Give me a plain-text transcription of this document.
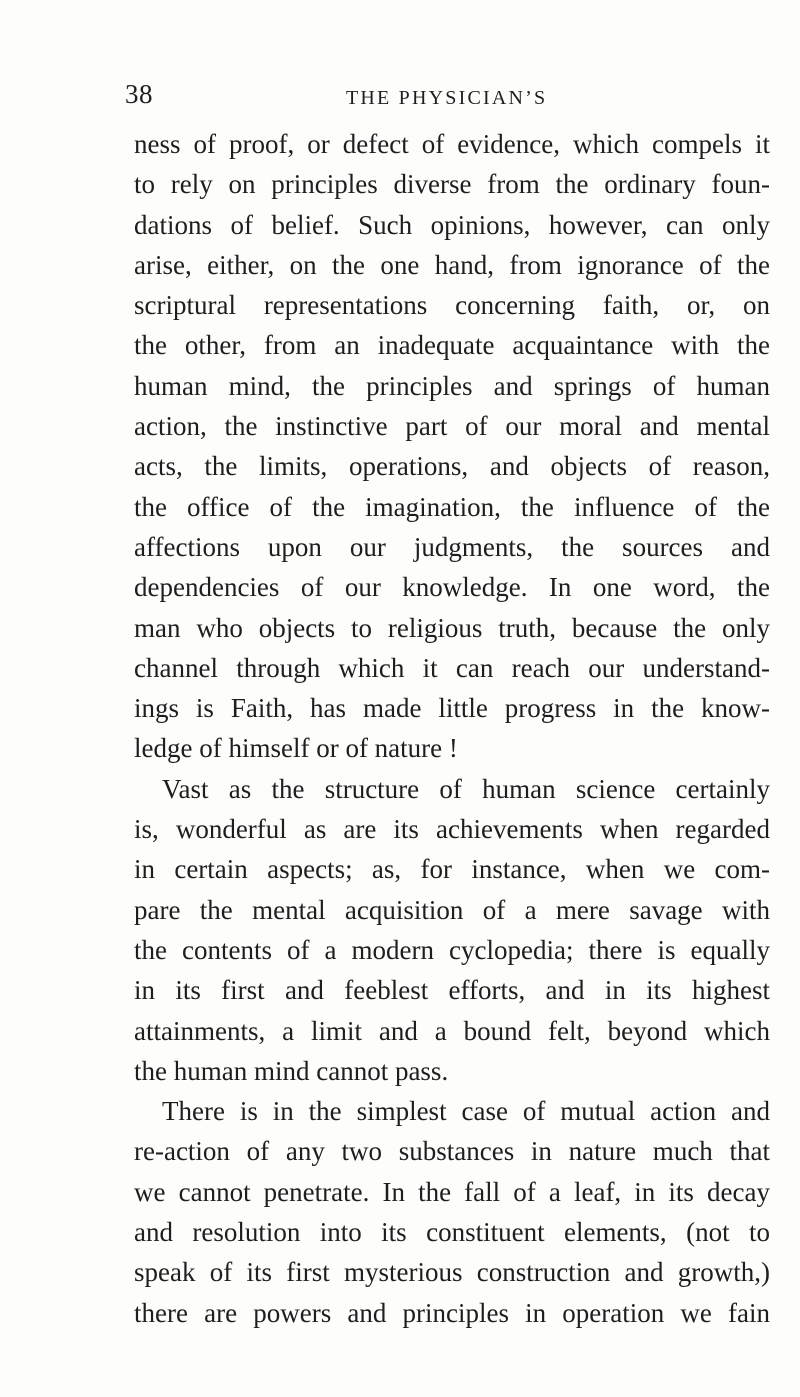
38	THE PHYSICIAN’S
ness of proof, or defect of evidence, which compels it
to rely on principles diverse from the ordinary foun-
dations of belief. Such opinions, however, can only
arise, either, on the one hand, from ignorance of the
scriptural representations concerning faith, or, on
the other, from an inadequate acquaintance with the
human mind, the principles and springs of human
action, the instinctive part of our moral and mental
acts, the limits, operations, and objects of reason,
the office of the imagination, the influence of the
affections upon our judgments, the sources and
dependencies of our knowledge. In one word, the
man who objects to religious truth, because the only
channel through which it can reach our understand-
ings is Faith, has made little progress in the know-
ledge of himself or of nature !
Vast as the structure of human science certainly
is, wonderful as are its achievements when regarded
in certain aspects; as, for instance, when we com-
pare the mental acquisition of a mere savage with
the contents of a modern cyclopedia; there is equally
in its first and feeblest efforts, and in its highest
attainments, a limit and a bound felt, beyond which
the human mind cannot pass.
There is in the simplest case of mutual action and
re-action of any two substances in nature much that
we cannot penetrate. In the fall of a leaf, in its decay
and resolution into its constituent elements, (not to
speak of its first mysterious construction and growth,)
there are powers and principles in operation we fain
